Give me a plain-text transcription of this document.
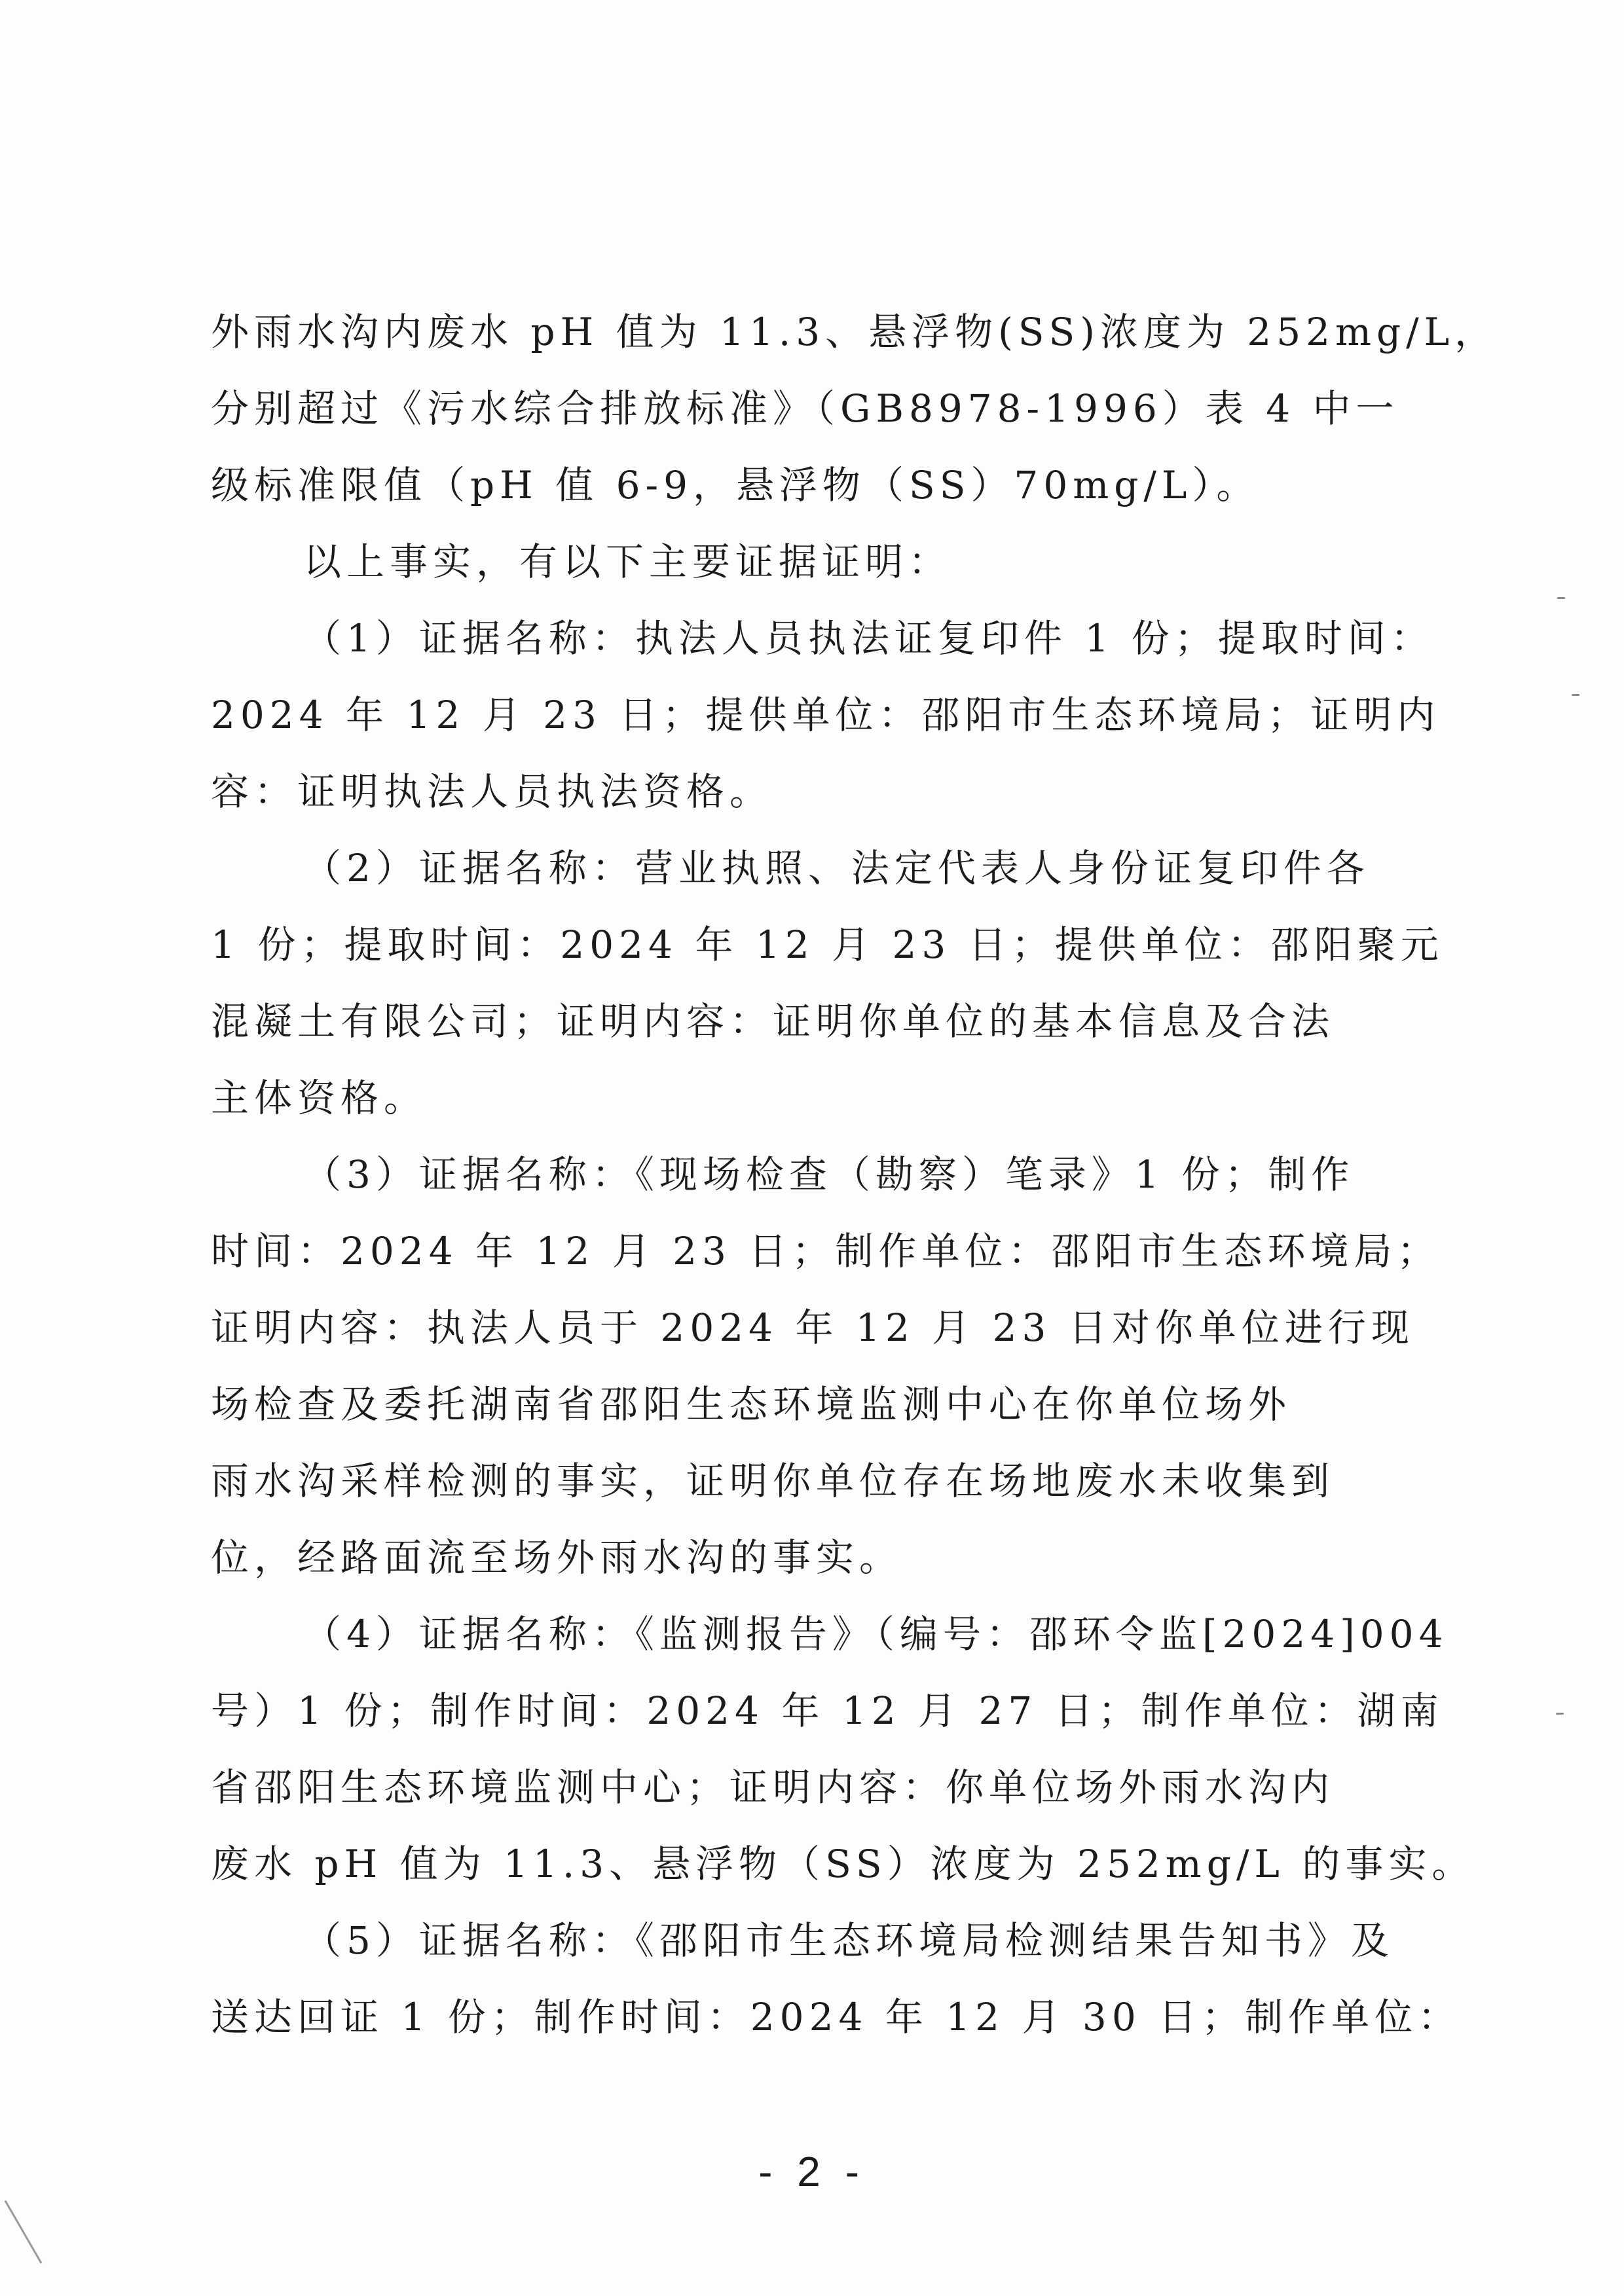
外雨水沟内废水 pH 值为 11.3、悬浮物(SS)浓度为 252mg/L，
分别超过《污水综合排放标准》（GB8978-1996）表 4 中一
级标准限值（pH 值 6-9，悬浮物（SS）70mg/L）。
以上事实，有以下主要证据证明：
（1）证据名称：执法人员执法证复印件 1 份；提取时间：
2024 年 12 月 23 日；提供单位：邵阳市生态环境局；证明内
容：证明执法人员执法资格。
（2）证据名称：营业执照、法定代表人身份证复印件各
1 份；提取时间：2024 年 12 月 23 日；提供单位：邵阳聚元
混凝土有限公司；证明内容：证明你单位的基本信息及合法
主体资格。
（3）证据名称：《现场检查（勘察）笔录》1 份；制作
时间：2024 年 12 月 23 日；制作单位：邵阳市生态环境局；
证明内容：执法人员于 2024 年 12 月 23 日对你单位进行现
场检查及委托湖南省邵阳生态环境监测中心在你单位场外
雨水沟采样检测的事实，证明你单位存在场地废水未收集到
位，经路面流至场外雨水沟的事实。
（4）证据名称：《监测报告》（编号：邵环令监[2024]004
号）1 份；制作时间：2024 年 12 月 27 日；制作单位：湖南
省邵阳生态环境监测中心；证明内容：你单位场外雨水沟内
废水 pH 值为 11.3、悬浮物（SS）浓度为 252mg/L 的事实。
（5）证据名称：《邵阳市生态环境局检测结果告知书》及
送达回证 1 份；制作时间：2024 年 12 月 30 日；制作单位：
- 2 -
